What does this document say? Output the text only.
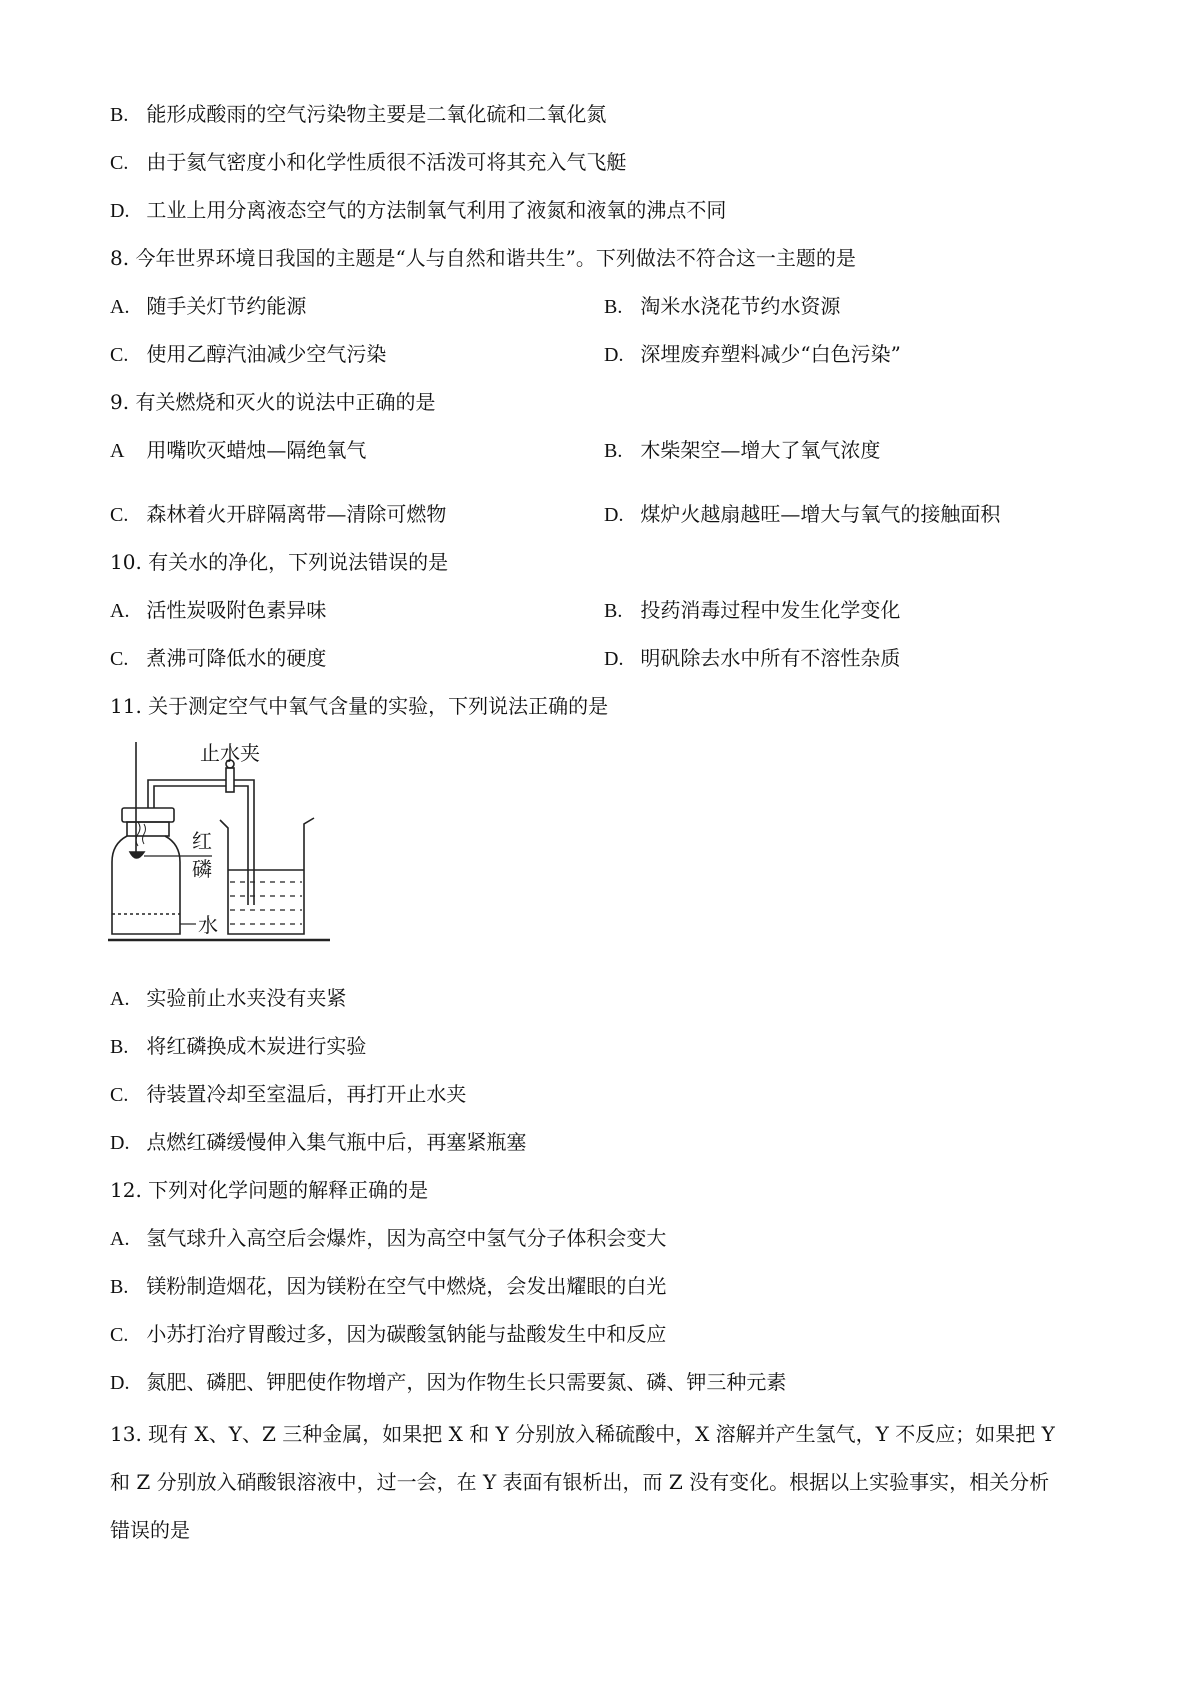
B. 能形成酸雨的空气污染物主要是二氧化硫和二氧化氮
C. 由于氦气密度小和化学性质很不活泼可将其充入气飞艇
D. 工业上用分离液态空气的方法制氧气利用了液氮和液氧的沸点不同
8. 今年世界环境日我国的主题是“人与自然和谐共生”。下列做法不符合这一主题的是
A. 随手关灯节约能源	B. 淘米水浇花节约水资源
C. 使用乙醇汽油减少空气污染	D. 深埋废弃塑料减少“白色污染”
9. 有关燃烧和灭火的说法中正确的是
A 用嘴吹灭蜡烛—隔绝氧气	B. 木柴架空—增大了氧气浓度
C. 森林着火开辟隔离带—清除可燃物	D. 煤炉火越扇越旺—增大与氧气的接触面积
10. 有关水的净化，下列说法错误的是
A. 活性炭吸附色素异味	B. 投药消毒过程中发生化学变化
C. 煮沸可降低水的硬度	D. 明矾除去水中所有不溶性杂质
11. 关于测定空气中氧气含量的实验，下列说法正确的是
止水夹
红
磷
水
A. 实验前止水夹没有夹紧
B. 将红磷换成木炭进行实验
C. 待装置冷却至室温后，再打开止水夹
D. 点燃红磷缓慢伸入集气瓶中后，再塞紧瓶塞
12. 下列对化学问题的解释正确的是
A. 氢气球升入高空后会爆炸，因为高空中氢气分子体积会变大
B. 镁粉制造烟花，因为镁粉在空气中燃烧，会发出耀眼的白光
C. 小苏打治疗胃酸过多，因为碳酸氢钠能与盐酸发生中和反应
D. 氮肥、磷肥、钾肥使作物增产，因为作物生长只需要氮、磷、钾三种元素
13. 现有 X、Y、Z 三种金属，如果把 X 和 Y 分别放入稀硫酸中，X 溶解并产生氢气，Y 不反应；如果把 Y
和 Z 分别放入硝酸银溶液中，过一会，在 Y 表面有银析出，而 Z 没有变化。根据以上实验事实，相关分析
错误的是
